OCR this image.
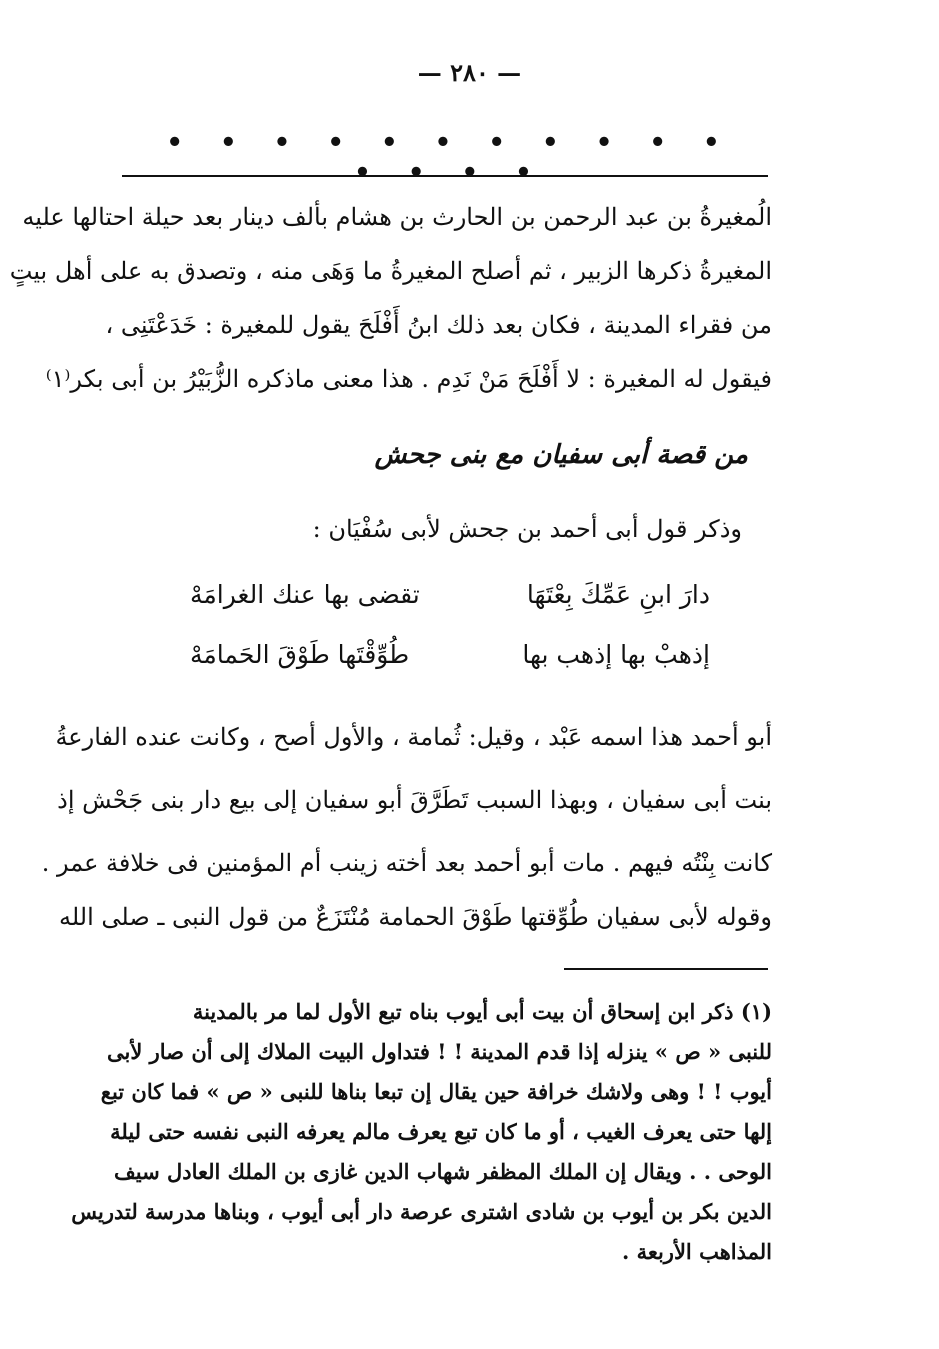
— ٢٨٠ —
• • • • • • • • • • • • • • •
الُمغيرةُ بن عبد الرحمن بن الحارث بن هشام بألف دينار بعد حيلة احتالها عليه
المغيرةُ ذكرها الزبير ، ثم أصلح المغيرةُ ما وَهَى منه ، وتصدق به على أهل بيتٍ
من فقراء المدينة ، فكان بعد ذلك ابنُ أَفْلَحَ يقول للمغيرة : خَدَعْتَنِى ،
فيقول له المغيرة : لا أَفْلَحَ مَنْ نَدِم . هذا معنى ماذكره الزُّبَيْرُ بن أبى بكر⁽١⁾
من قصة أبى سفيان مع بنى جحش
وذكر قول أبى أحمد بن جحش لأبى سُفْيَان :
دارَ ابنِ عَمِّكَ بِعْتَهَا
تقضى بها عنك الغرامَهْ
إذهبْ بها إذهب بها
طُوِّقْتَها طَوْقَ الحَمامَهْ
أبو أحمد هذا اسمه عَبْد ، وقيل: ثُمامة ، والأول أصح ، وكانت عنده الفارعةُ
بنت أبى سفيان ، وبهذا السبب تَطَرَّقَ أبو سفيان إلى بيع دار بنى جَحْش إذ
كانت بِنْتُه فيهم . مات أبو أحمد بعد أخته زينب أم المؤمنين فى خلافة عمر .
وقوله لأبى سفيان طُوِّقتها طَوْقَ الحمامة مُنْتَزَعٌ من قول النبى ـ صلى الله
(١) ذكر ابن إسحاق أن بيت أبى أيوب بناه تبع الأول لما مر بالمدينة
للنبى « ص » ينزله إذا قدم المدينة ! ! فتداول البيت الملاك إلى أن صار لأبى
أيوب ! ! وهى ولاشك خرافة حين يقال إن تبعا بناها للنبى « ص » فما كان تبع
إلها حتى يعرف الغيب ، أو ما كان تبع يعرف مالم يعرفه النبى نفسه حتى ليلة
الوحى . . ويقال إن الملك المظفر شهاب الدين غازى بن الملك العادل سيف
الدين بكر بن أيوب بن شادى اشترى عرصة دار أبى أيوب ، وبناها مدرسة لتدريس
المذاهب الأربعة .
